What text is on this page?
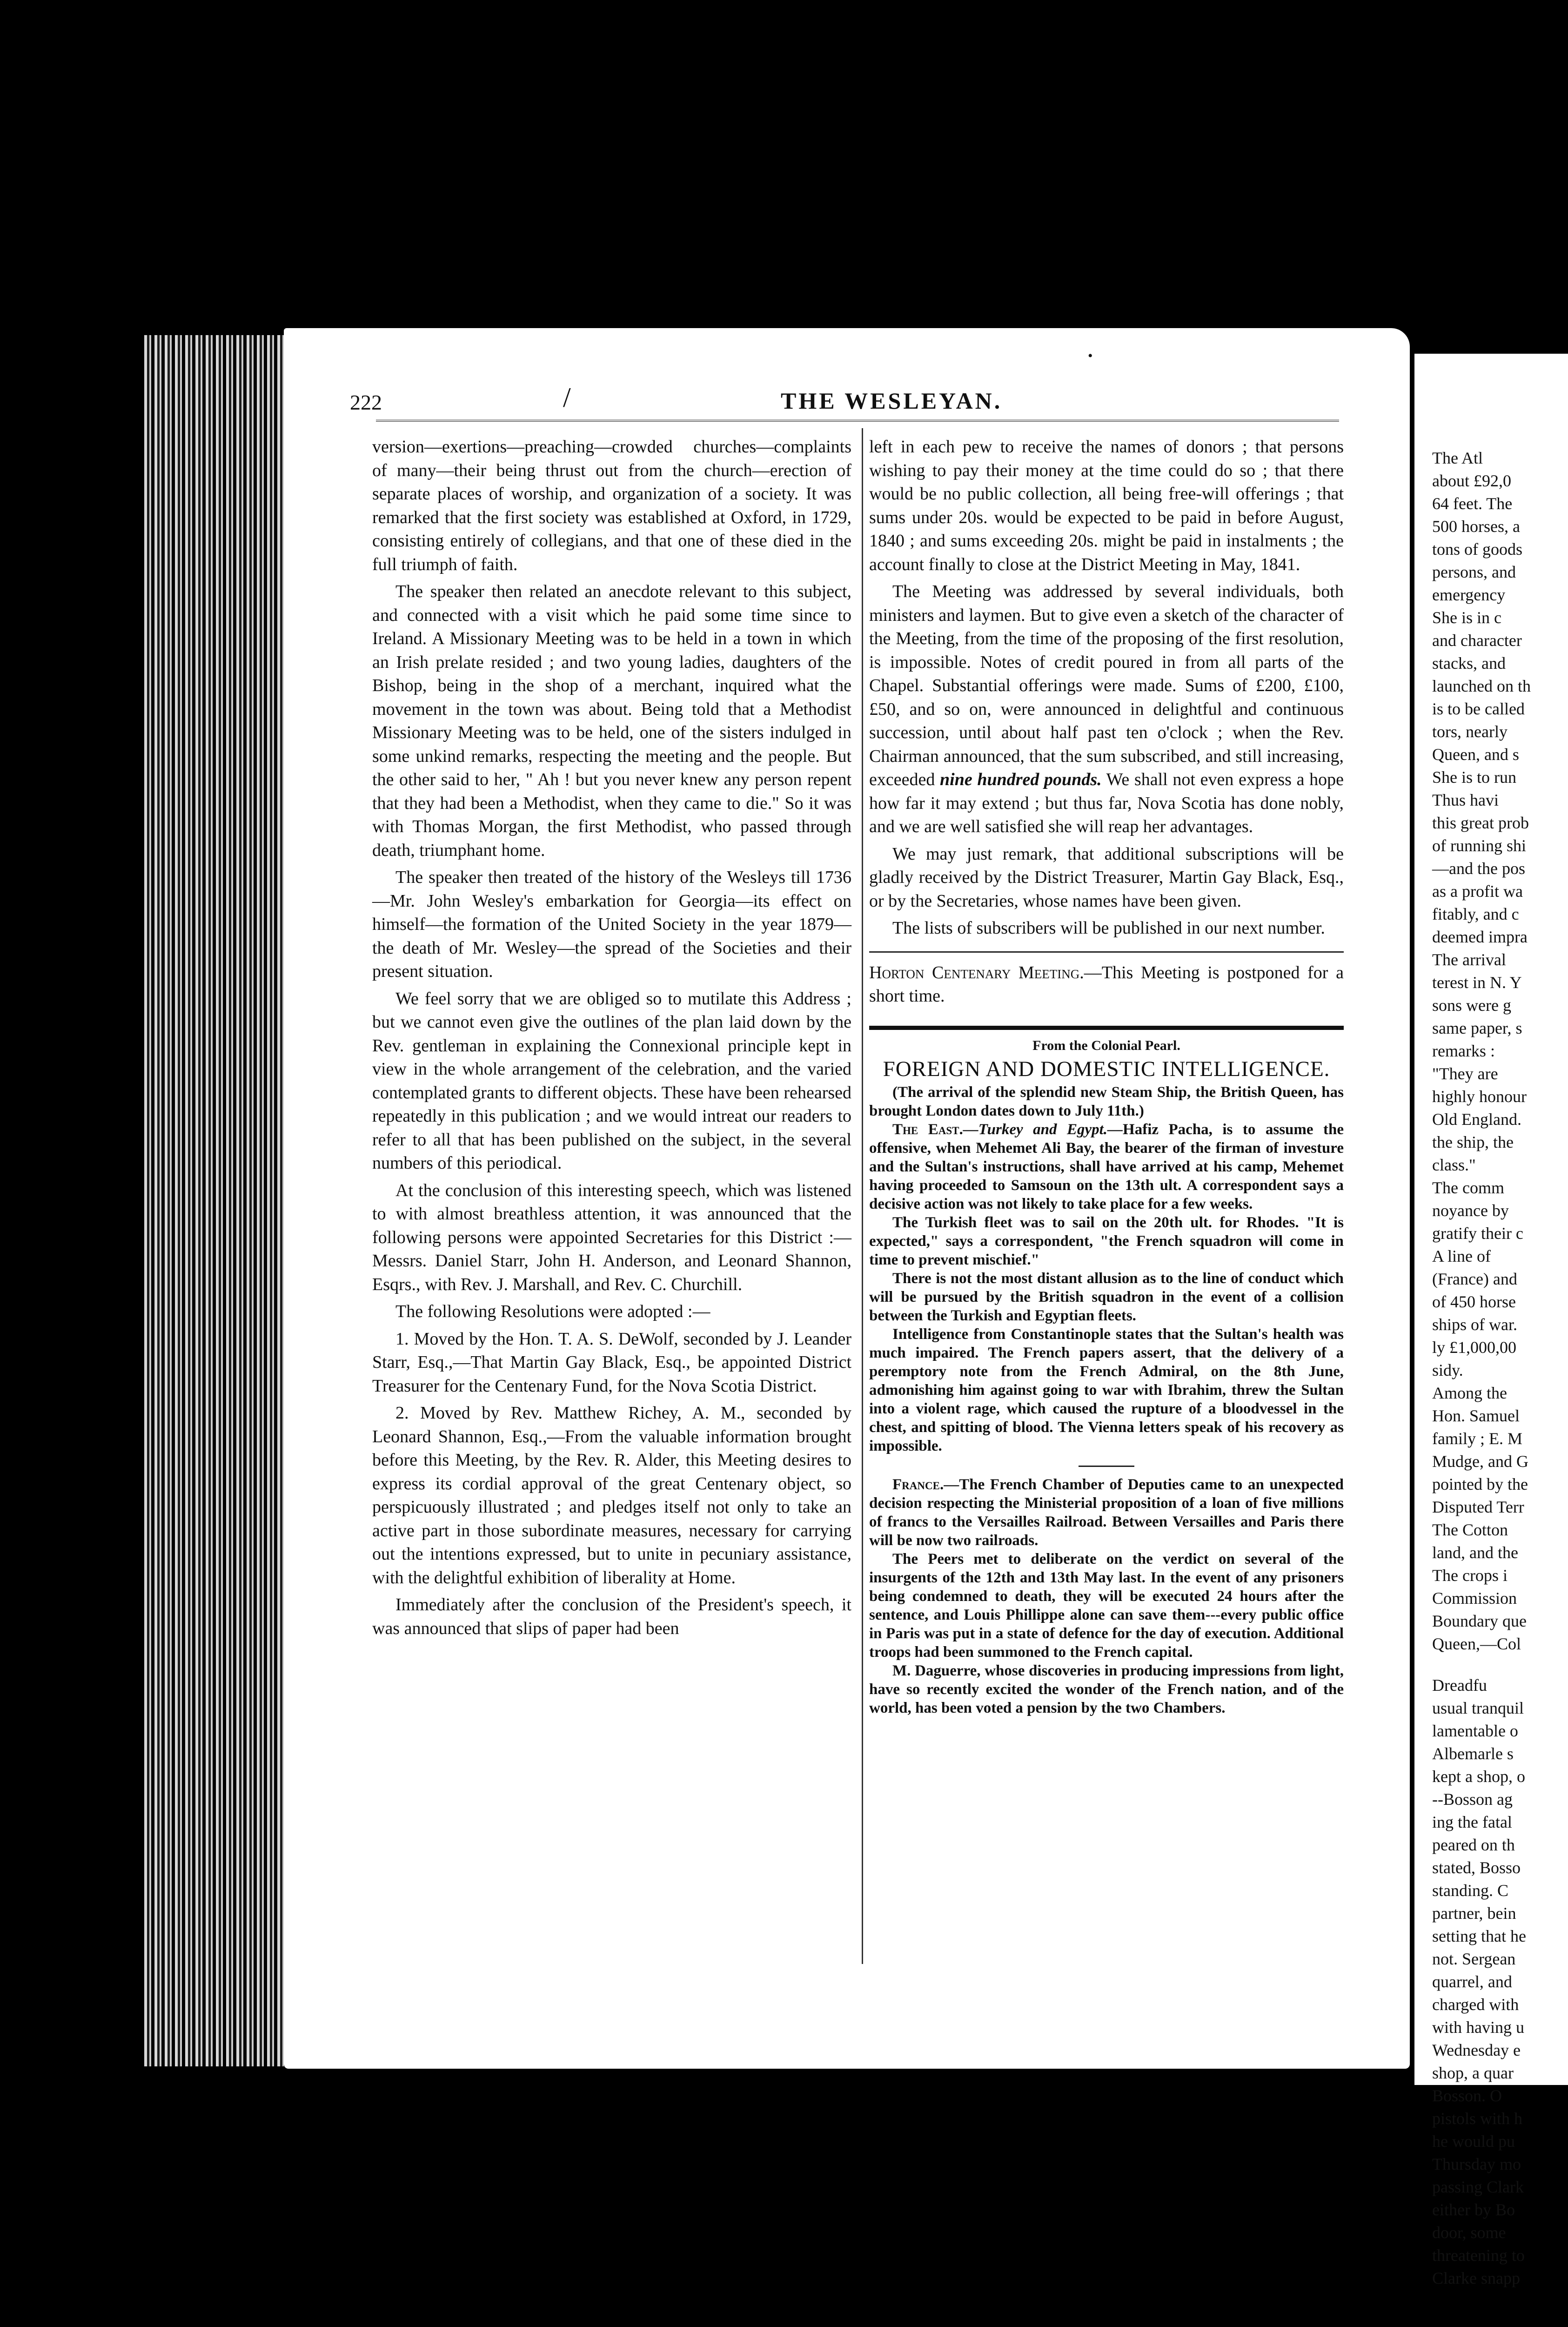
•
222	/	THE WESLEYAN.

version—exertions—preaching—crowded churches—complaints of many—their being thrust out from the church—erection of separate places of worship, and organization of a society. It was remarked that the first society was established at Oxford, in 1729, consisting entirely of collegians, and that one of these died in the full triumph of faith.

The speaker then related an anecdote relevant to this subject, and connected with a visit which he paid some time since to Ireland. A Missionary Meeting was to be held in a town in which an Irish prelate resided ; and two young ladies, daughters of the Bishop, being in the shop of a merchant, inquired what the movement in the town was about. Being told that a Methodist Missionary Meeting was to be held, one of the sisters indulged in some unkind remarks, respecting the meeting and the people. But the other said to her, " Ah ! but you never knew any person repent that they had been a Methodist, when they came to die." So it was with Thomas Morgan, the first Methodist, who passed through death, triumphant home.

The speaker then treated of the history of the Wesleys till 1736—Mr. John Wesley's embarkation for Georgia—its effect on himself—the formation of the United Society in the year 1879—the death of Mr. Wesley—the spread of the Societies and their present situation.

We feel sorry that we are obliged so to mutilate this Address ; but we cannot even give the outlines of the plan laid down by the Rev. gentleman in explaining the Connexional principle kept in view in the whole arrangement of the celebration, and the varied contemplated grants to different objects. These have been rehearsed repeatedly in this publication ; and we would intreat our readers to refer to all that has been published on the subject, in the several numbers of this periodical.

At the conclusion of this interesting speech, which was listened to with almost breathless attention, it was announced that the following persons were appointed Secretaries for this District :—Messrs. Daniel Starr, John H. Anderson, and Leonard Shannon, Esqrs., with Rev. J. Marshall, and Rev. C. Churchill.

The following Resolutions were adopted :—

1. Moved by the Hon. T. A. S. DeWolf, seconded by J. Leander Starr, Esq.,—That Martin Gay Black, Esq., be appointed District Treasurer for the Centenary Fund, for the Nova Scotia District.

2. Moved by Rev. Matthew Richey, A. M., seconded by Leonard Shannon, Esq.,—From the valuable information brought before this Meeting, by the Rev. R. Alder, this Meeting desires to express its cordial approval of the great Centenary object, so perspicuously illustrated ; and pledges itself not only to take an active part in those subordinate measures, necessary for carrying out the intentions expressed, but to unite in pecuniary assistance, with the delightful exhibition of liberality at Home.

Immediately after the conclusion of the President's speech, it was announced that slips of paper had been

left in each pew to receive the names of donors ; that persons wishing to pay their money at the time could do so ; that there would be no public collection, all being free-will offerings ; that sums under 20s. would be expected to be paid in before August, 1840 ; and sums exceeding 20s. might be paid in instalments ; the account finally to close at the District Meeting in May, 1841.

The Meeting was addressed by several individuals, both ministers and laymen. But to give even a sketch of the character of the Meeting, from the time of the proposing of the first resolution, is impossible. Notes of credit poured in from all parts of the Chapel. Substantial offerings were made. Sums of £200, £100, £50, and so on, were announced in delightful and continuous succession, until about half past ten o'clock ; when the Rev. Chairman announced, that the sum subscribed, and still increasing, exceeded nine hundred pounds. We shall not even express a hope how far it may extend ; but thus far, Nova Scotia has done nobly, and we are well satisfied she will reap her advantages.

We may just remark, that additional subscriptions will be gladly received by the District Treasurer, Martin Gay Black, Esq., or by the Secretaries, whose names have been given.

The lists of subscribers will be published in our next number.

Horton Centenary Meeting.—This Meeting is postponed for a short time.

From the Colonial Pearl.

FOREIGN AND DOMESTIC INTELLIGENCE.

(The arrival of the splendid new Steam Ship, the British Queen, has brought London dates down to July 11th.)

The East.—Turkey and Egypt.—Hafiz Pacha, is to assume the offensive, when Mehemet Ali Bay, the bearer of the firman of investure and the Sultan's instructions, shall have arrived at his camp, Mehemet having proceeded to Samsoun on the 13th ult. A correspondent says a decisive action was not likely to take place for a few weeks.

The Turkish fleet was to sail on the 20th ult. for Rhodes. "It is expected," says a correspondent, "the French squadron will come in time to prevent mischief."

There is not the most distant allusion as to the line of conduct which will be pursued by the British squadron in the event of a collision between the Turkish and Egyptian fleets.

Intelligence from Constantinople states that the Sultan's health was much impaired. The French papers assert, that the delivery of a peremptory note from the French Admiral, on the 8th June, admonishing him against going to war with Ibrahim, threw the Sultan into a violent rage, which caused the rupture of a bloodvessel in the chest, and spitting of blood. The Vienna letters speak of his recovery as impossible.

France.—The French Chamber of Deputies came to an unexpected decision respecting the Ministerial proposition of a loan of five millions of francs to the Versailles Railroad. Between Versailles and Paris there will be now two railroads.

The Peers met to deliberate on the verdict on several of the insurgents of the 12th and 13th May last. In the event of any prisoners being condemned to death, they will be executed 24 hours after the sentence, and Louis Phillippe alone can save them---every public office in Paris was put in a state of defence for the day of execution. Additional troops had been summoned to the French capital.

M. Daguerre, whose discoveries in producing impressions from light, have so recently excited the wonder of the French nation, and of the world, has been voted a pension by the two Chambers.

The Atl

about £92,0

64 feet. The

500 horses, a

tons of goods

persons, and

emergency

She is in c

and character

stacks, and

launched on th

is to be called

tors, nearly

Queen, and s

She is to run

Thus havi

this great prob

of running shi

—and the pos

as a profit wa

fitably, and c

deemed impra

The arrival

terest in N. Y

sons were g

same paper, s

remarks :

"They are

highly honour

Old England.

the ship, the

class."

The comm

noyance by

gratify their c

A line of

(France) and

of 450 horse

ships of war.

ly £1,000,00

sidy.

Among the

Hon. Samuel

family ; E. M

Mudge, and G

pointed by the

Disputed Terr

The Cotton

land, and the

The crops i

Commission

Boundary que

Queen,—Col

Dreadfu

usual tranquil

lamentable o

Albemarle s

kept a shop, o

--Bosson ag

ing the fatal

peared on th

stated, Bosso

standing. C

partner, bein

setting that he

not. Sergean

quarrel, and

charged with

with having u

Wednesday e

shop, a quar

Bosson. O

pistols with h

he would pu

Thursday mo

passing Clark

either by Bo

door, some

threatening to

Clarke snapp
